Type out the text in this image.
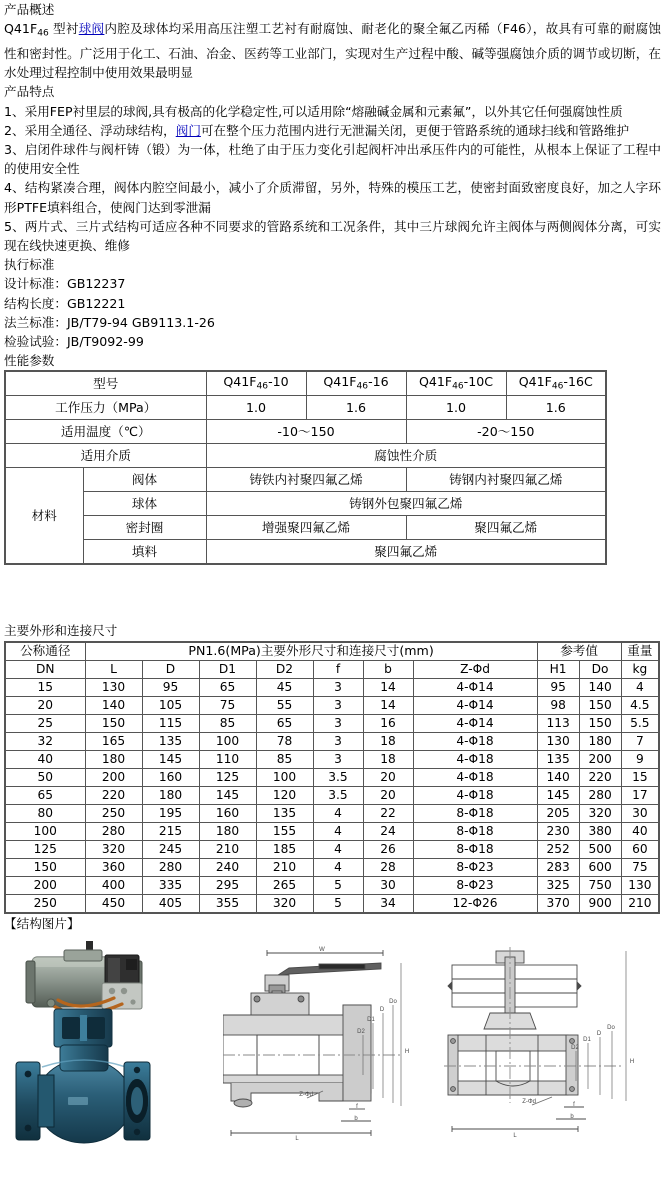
产品概述

$Q41F_{46}$ 型衬球阀内腔及球体均采用高压注塑工艺衬有耐腐蚀、耐老化的聚全氟乙丙稀（F46），故具有可靠的耐腐蚀性和密封性。广泛用于化工、石油、冶金、医药等工业部门，实现对生产过程中酸、碱等强腐蚀介质的调节或切断，在水处理过程控制中使用效果最明显

产品特点

1、采用FEP衬里层的球阀,具有极高的化学稳定性,可以适用除“熔融碱金属和元素氟”，以外其它任何强腐蚀性质

2、采用全通径、浮动球结构，阀门可在整个压力范围内进行无泄漏关闭，更便于管路系统的通球扫线和管路维护

3、启闭件球件与阀杆铸（锻）为一体，杜绝了由于压力变化引起阀杆冲出承压件内的可能性，从根本上保证了工程中的使用安全性

4、结构紧凑合理，阀体内腔空间最小，减小了介质滞留，另外，特殊的模压工艺，使密封面致密度良好，加之人字环形PTFE填料组合，使阀门达到零泄漏

5、两片式、三片式结构可适应各种不同要求的管路系统和工况条件，其中三片球阀允许主阀体与两侧阀体分离，可实现在线快速更换、维修

执行标准

设计标准：GB12237

结构长度：GB12221

法兰标准：JB/T79-94 GB9113.1-26

检验试验：JB/T9092-99

性能参数

型号		$Q41F_{46}-10$	$Q41F_{46}-16$	$Q41F_{46}-10C$	$Q41F_{46}-16C$
工作压力（MPa）		1.0	1.6	1.0	1.6
适用温度（℃）		-10～150		-20～150	
适用介质		腐蚀性介质			
材料	阀体	铸铁内衬聚四氟乙烯		铸钢内衬聚四氟乙烯	
	球体	铸钢外包聚四氟乙烯			
	密封圈	增强聚四氟乙烯		聚四氟乙烯	
	填料	聚四氟乙烯			

主要外形和连接尺寸

公称通径	PN1.6(MPa)主要外形尺寸和连接尺寸(mm)							参考值		重量
DN	L	D	D1	D2	f	b	Z-Φd	H1	Do	kg
15	130	95	65	45	3	14	4-Φ14	95	140	4
20	140	105	75	55	3	14	4-Φ14	98	150	4.5
25	150	115	85	65	3	16	4-Φ14	113	150	5.5
32	165	135	100	78	3	18	4-Φ18	130	180	7
40	180	145	110	85	3	18	4-Φ18	135	200	9
50	200	160	125	100	3.5	20	4-Φ18	140	220	15
65	220	180	145	120	3.5	20	4-Φ18	145	280	17
80	250	195	160	135	4	22	8-Φ18	205	320	30
100	280	215	180	155	4	24	8-Φ18	230	380	40
125	320	245	210	185	4	26	8-Φ18	252	500	60
150	360	280	240	210	4	28	8-Φ23	283	600	75
200	400	335	295	265	5	30	8-Φ23	325	750	130
250	450	405	355	320	5	34	12-Φ26	370	900	210

【结构图片】

W
L
D2
D1
D
Do
H
f
b
Z-Φd
L
D2
D1
D
Do
H
f
b
Z-Φd
